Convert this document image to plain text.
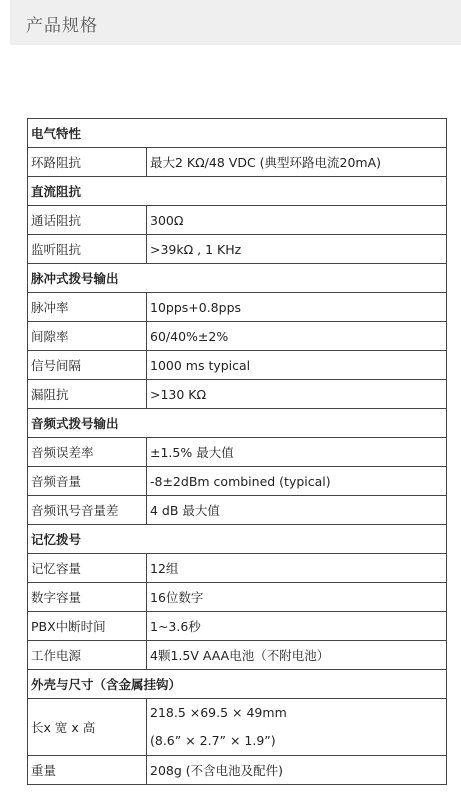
产品规格
电气特性	
环路阻抗	最大2 KΩ/48 VDC (典型环路电流20mA)
直流阻抗	
通话阻抗	300Ω
监听阻抗	>39kΩ , 1 KHz
脉冲式拨号输出	
脉冲率	10pps+0.8pps
间隙率	60/40%±2%
信号间隔	1000 ms typical
漏阻抗	>130 KΩ
音频式拨号输出	
音频误差率	±1.5% 最大值
音频音量	-8±2dBm combined (typical)
音频讯号音量差	4 dB 最大值
记忆拨号	
记忆容量	12组
数字容量	16位数字
PBX中断时间	1~3.6秒
工作电源	4颗1.5V AAA电池（不附电池）
外壳与尺寸（含金属挂钩）	
长x 宽 x 高	218.5 ×69.5 × 49mm
(8.6” × 2.7” × 1.9”)

重量	208g (不含电池及配件)
